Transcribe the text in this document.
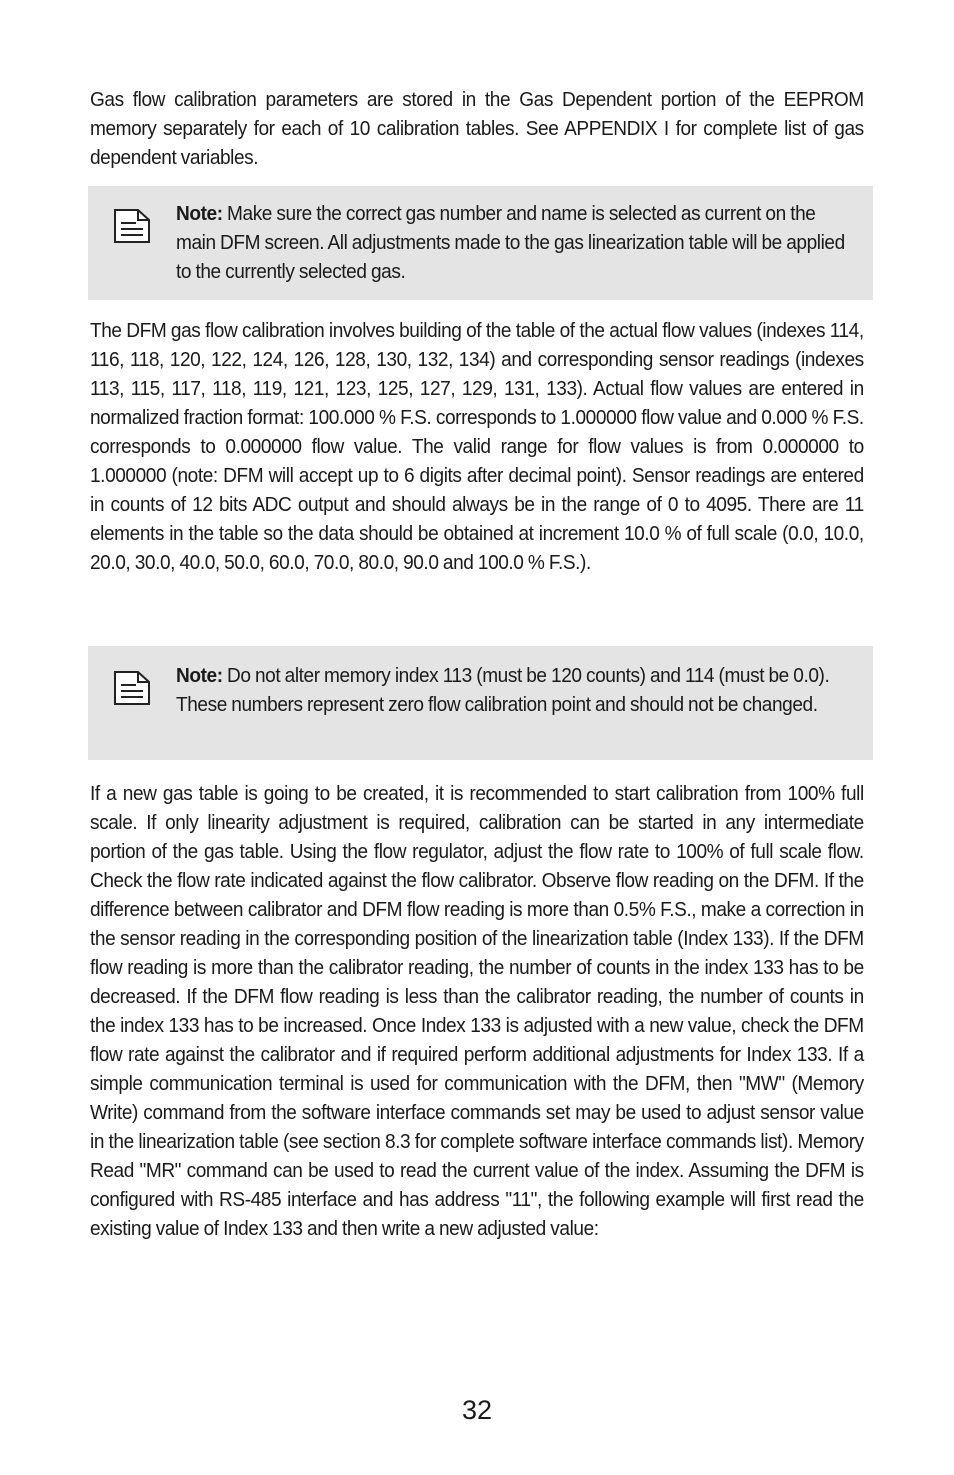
Gas flow calibration parameters are stored in the Gas Dependent portion of the EEPROM memory separately for each of 10 calibration tables. See APPENDIX I for complete list of gas dependent variables.

Note: Make sure the correct gas number and name is selected as current on the main DFM screen. All adjustments made to the gas linearization table will be applied to the currently selected gas.

The DFM gas flow calibration involves building of the table of the actual flow values (indexes 114, 116, 118, 120, 122, 124, 126, 128, 130, 132, 134) and corresponding sensor readings (indexes 113, 115, 117, 118, 119, 121, 123, 125, 127, 129, 131, 133). Actual flow values are entered in normalized fraction format: 100.000 % F.S. corresponds to 1.000000 flow value and 0.000 % F.S. corresponds to 0.000000 flow value. The valid range for flow values is from 0.000000 to 1.000000 (note: DFM will accept up to 6 digits after decimal point). Sensor readings are entered in counts of 12 bits ADC output and should always be in the range of 0 to 4095. There are 11 elements in the table so the data should be obtained at increment 10.0 % of full scale (0.0, 10.0, 20.0, 30.0, 40.0, 50.0, 60.0, 70.0, 80.0, 90.0 and 100.0 % F.S.).

Note: Do not alter memory index 113 (must be 120 counts) and 114 (must be 0.0). These numbers represent zero flow calibration point and should not be changed.

If a new gas table is going to be created, it is recommended to start calibration from 100% full scale. If only linearity adjustment is required, calibration can be started in any intermediate portion of the gas table. Using the flow regulator, adjust the flow rate to 100% of full scale flow. Check the flow rate indicated against the flow calibrator. Observe flow reading on the DFM. If the difference between calibrator and DFM flow reading is more than 0.5% F.S., make a correction in the sensor reading in the corresponding position of the linearization table (Index 133). If the DFM flow reading is more than the calibrator reading, the number of counts in the index 133 has to be decreased. If the DFM flow reading is less than the calibrator reading, the number of counts in the index 133 has to be increased. Once Index 133 is adjusted with a new value, check the DFM flow rate against the calibrator and if required perform additional adjustments for Index 133. If a simple communication terminal is used for communication with the DFM, then "MW" (Memory Write) command from the software interface commands set may be used to adjust sensor value in the linearization table (see section 8.3 for complete software interface commands list). Memory Read "MR" command can be used to read the current value of the index. Assuming the DFM is configured with RS-485 interface and has address "11", the following example will first read the existing value of Index 133 and then write a new adjusted value:

32
